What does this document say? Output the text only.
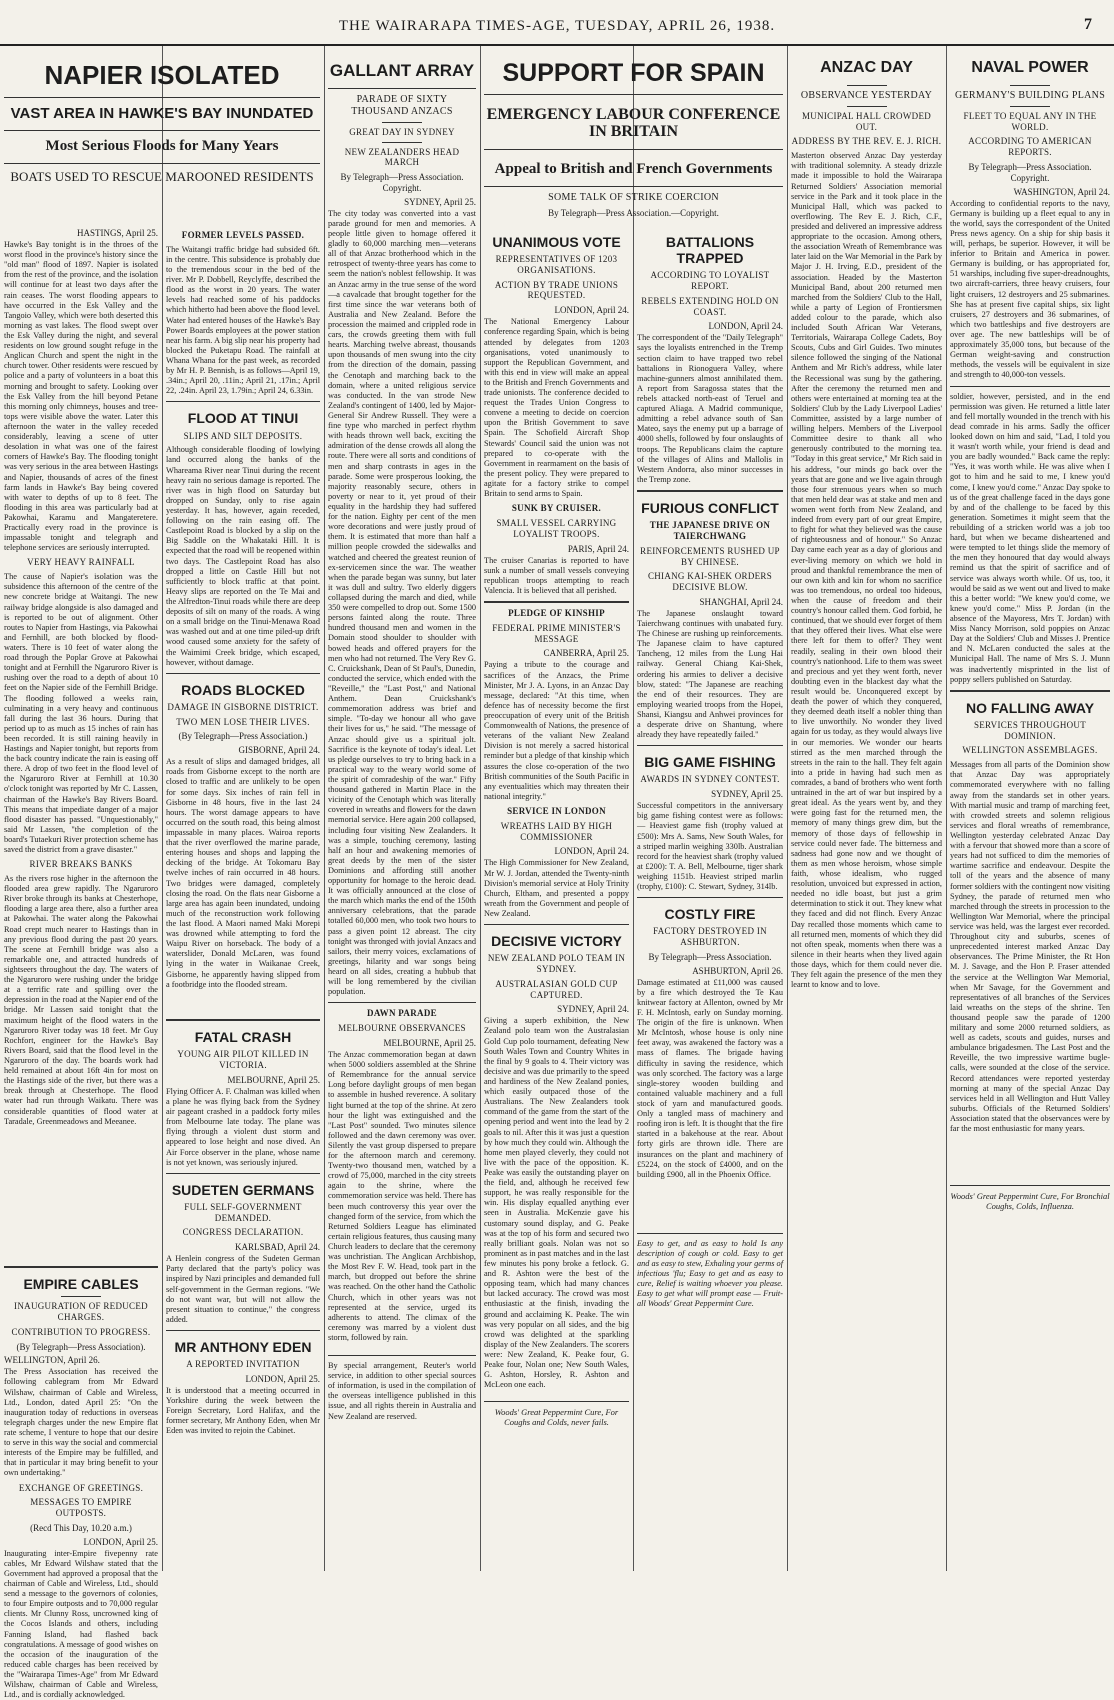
THE WAIRARAPA TIMES-AGE, TUESDAY, APRIL 26, 1938.	7
NAPIER ISOLATED
VAST AREA IN HAWKE'S BAY INUNDATED
Most Serious Floods for Many Years
BOATS USED TO RESCUE MAROONED RESIDENTS
HASTINGS, April 25.

Hawke's Bay tonight is in the throes of the worst flood in the province's history since the "old man" flood of 1897. Napier is isolated from the rest of the province, and the isolation will continue for at least two days after the rain ceases. The worst flooding appears to have occurred in the Esk Valley and the Tangoio Valley, which were both deserted this morning as vast lakes. The flood swept over the Esk Valley during the night, and several residents on low ground sought refuge in the Anglican Church and spent the night in the church tower. Other residents were rescued by police and a party of volunteers in a boat this morning and brought to safety. Looking over the Esk Valley from the hill beyond Petane this morning only chimneys, houses and tree-tops were visible above the water. Later this afternoon the water in the valley receded considerably, leaving a scene of utter desolation in what was one of the fairest corners of Hawke's Bay. The flooding tonight was very serious in the area between Hastings and Napier, thousands of acres of the finest farm lands in Hawke's Bay being covered with water to depths of up to 8 feet. The flooding in this area was particularly bad at Pakowhai, Karamu and Mangateretere. Practically every road in the province is impassable tonight and telegraph and telephone services are seriously interrupted.

VERY HEAVY RAINFALL

The cause of Napier's isolation was the subsidence this afternoon of the centre of the new concrete bridge at Waitangi. The new railway bridge alongside is also damaged and is reported to be out of alignment. Other routes to Napier from Hastings, via Pakowhai and Fernhill, are both blocked by flood-waters. There is 10 feet of water along the road through the Poplar Grove at Pakowhai tonight and at Fernhill the Ngaruroro River is rushing over the road to a depth of about 10 feet on the Napier side of the Fernhill Bridge. The flooding followed a weeks rain, culminating in a very heavy and continuous fall during the last 36 hours. During that period up to as much as 15 inches of rain has been recorded. It is still raining heavily in Hastings and Napier tonight, but reports from the back country indicate the rain is easing off there. A drop of two feet in the flood level of the Ngaruroro River at Fernhill at 10.30 o'clock tonight was reported by Mr C. Lassen, chairman of the Hawke's Bay Rivers Board. This means that impediate danger of a major flood disaster has passed. "Unquestionably," said Mr Lassen, "the completion of the board's Tutaekuri River protection scheme has saved the district from a grave disaster."

RIVER BREAKS BANKS

As the rivers rose higher in the afternoon the flooded area grew rapidly. The Ngaruroro River broke through its banks at Chesterhope, flooding a large area there, also a further area at Pakowhai. The water along the Pakowhai Road crept much nearer to Hastings than in any previous flood during the past 20 years. The scene at Fernhill bridge was also a remarkable one, and attracted hundreds of sightseers throughout the day. The waters of the Ngaruroro were rushing under the bridge at a terrific rate and spilling over the depression in the road at the Napier end of the bridge. Mr Lassen said tonight that the maximum height of the flood waters in the Ngaruroro River today was 18 feet. Mr Guy Rochfort, engineer for the Hawke's Bay Rivers Board, said that the flood level in the Ngaruroro of the day. The boards work had held remained at about 16ft 4in for most on the Hastings side of the river, but there was a break through at Chesterhope. The flood water had run through Waikatu. There was considerable quantities of flood water at Taradale, Greenmeadows and Meeanee.

EMPIRE CABLES
INAUGURATION OF REDUCED CHARGES.
CONTRIBUTION TO PROGRESS.
(By Telegraph—Press Association).
WELLINGTON, April 26.

The Press Association has received the following cablegram from Mr Edward Wilshaw, chairman of Cable and Wireless, Ltd., London, dated April 25: "On the inauguration today of reductions in overseas telegraph charges under the new Empire flat rate scheme, I venture to hope that our desire to serve in this way the social and commercial interests of the Empire may be fulfilled, and that in particular it may bring benefit to your own undertaking."

EXCHANGE OF GREETINGS.
MESSAGES TO EMPIRE OUTPOSTS.
(Recd This Day, 10.20 a.m.)
LONDON, April 25.

Inaugurating inter-Empire fivepenny rate cables, Mr Edward Wilshaw stated that the Government had approved a proposal that the chairman of Cable and Wireless, Ltd., should send a message to the governors of colonies, to four Empire outposts and to 70,000 regular clients. Mr Clunny Ross, uncrowned king of the Cocos Islands and others, including Fanning Island, had flashed back congratulations. A message of good wishes on the occasion of the inauguration of the reduced cable charges has been received by the "Wairarapa Times-Age" from Mr Edward Wilshaw, chairman of Cable and Wireless, Ltd., and is cordially acknowledged.

FORMER LEVELS PASSED.

The Waitangi traffic bridge had subsided 6ft. in the centre. This subsidence is probably due to the tremendous scour in the bed of the river. Mr P. Dobbell, Reyclyffe, described the flood as the worst in 20 years. The water levels had reached some of his paddocks which hitherto had been above the flood level. Water had entered houses of the Hawke's Bay Power Boards employees at the power station near his farm. A big slip near his property had blocked the Puketapu Road. The rainfall at Whana Whana for the past week, as recorded by Mr H. P. Bennish, is as follows—April 19, .34in.; April 20, .11in.; April 21, .17in.; April 22, .24in. April 23, 1.79in.; April 24, 6.33in.

FLOOD AT TINUI
SLIPS AND SILT DEPOSITS.

Although considerable flooding of lowlying land occurred along the banks of the Whareama River near Tinui during the recent heavy rain no serious damage is reported. The river was in high flood on Saturday but dropped on Sunday, only to rise again yesterday. It has, however, again receded, following on the rain easing off. The Castlepoint Road is blocked by a slip on the Big Saddle on the Whakataki Hill. It is expected that the road will be reopened within two days. The Castlepoint Road has also dropped a little on Castle Hill but not sufficiently to block traffic at that point. Heavy slips are reported on the Te Mai and the Alfredton-Tinui roads while there are deep deposits of silt on many of the roads. A wing on a small bridge on the Tinui-Menawa Road was washed out and at one time piled-up drift wood caused some anxiety for the safety of the Waimimi Creek bridge, which escaped, however, without damage.

ROADS BLOCKED
DAMAGE IN GISBORNE DISTRICT.
TWO MEN LOSE THEIR LIVES.
(By Telegraph—Press Association.)
GISBORNE, April 24.

As a result of slips and damaged bridges, all roads from Gisborne except to the north are closed to traffic and are unlikely to be open for some days. Six inches of rain fell in Gisborne in 48 hours, five in the last 24 hours. The worst damage appears to have occurred on the south road, this being almost impassable in many places. Wairoa reports that the river overflowed the marine parade, entering houses and shops and lapping the decking of the bridge. At Tokomaru Bay twelve inches of rain occurred in 48 hours. Two bridges were damaged, completely closing the road. On the flats near Gisborne a large area has again been inundated, undoing much of the reconstruction work following the last flood. A Maori named Maki Morepi was drowned while attempting to ford the Waipu River on horseback. The body of a waterslider, Donald McLaren, was found lying in the water in Waikanae Creek, Gisborne, he apparently having slipped from a footbridge into the flooded stream.

FATAL CRASH
YOUNG AIR PILOT KILLED IN VICTORIA.
MELBOURNE, April 25.

Flying Officer A. F. Chalman was killed when a plane he was flying back from the Sydney air pageant crashed in a paddock forty miles from Melbourne late today. The plane was flying through a violent dust storm and appeared to lose height and nose dived. An Air Force observer in the plane, whose name is not yet known, was seriously injured.

SUDETEN GERMANS
FULL SELF-GOVERNMENT DEMANDED.
CONGRESS DECLARATION.
KARLSBAD, April 24.

A Henlein congress of the Sudeten German Party declared that the party's policy was inspired by Nazi principles and demanded full self-government in the German regions. "We do not want war, but will not allow the present situation to continue," the congress added.

MR ANTHONY EDEN
A REPORTED INVITATION
LONDON, April 25.

It is understood that a meeting occurred in Yorkshire during the week between the Foreign Secretary, Lord Halifax, and the former secretary, Mr Anthony Eden, when Mr Eden was invited to rejoin the Cabinet.

GALLANT ARRAY
PARADE OF SIXTY THOUSAND ANZACS
GREAT DAY IN SYDNEY
NEW ZEALANDERS HEAD MARCH
By Telegraph—Press Association. Copyright.
SYDNEY, April 25.

The city today was converted into a vast parade ground for men and memories. A people little given to homage offered it gladly to 60,000 marching men—veterans all of that Anzac brotherhood which in the retrospect of twenty-three years has come to seem the nation's noblest fellowship. It was an Anzac army in the true sense of the word—a cavalcade that brought together for the first time since the war veterans both of Australia and New Zealand. Before the procession the maimed and crippled rode in cars, the crowds greeting them with full hearts. Marching twelve abreast, thousands upon thousands of men swung into the city from the direction of the domain, passing the Cenotaph and marching back to the domain, where a united religious service was conducted. In the van strode New Zealand's contingent of 1400, led by Major-General Sir Andrew Russell. They were a fine type who marched in perfect rhythm with heads thrown well back, exciting the admiration of the dense crowds all along the route. There were all sorts and conditions of men and sharp contrasts in ages in the parade. Some were prosperous looking, the majority reasonably secure, others in poverty or near to it, yet proud of their equality in the hardship they had suffered for the nation. Eighty per cent of the men wore decorations and were justly proud of them. It is estimated that more than half a million people crowded the sidewalks and watched and cheered the greatest reunion of ex-servicemen since the war. The weather when the parade began was sunny, but later it was dull and sultry. Two elderly diggers collapsed during the march and died, while 350 were compelled to drop out. Some 1500 persons fainted along the route. Three hundred thousand men and women in the Domain stood shoulder to shoulder with bowed heads and offered prayers for the men who had not returned. The Very Rev G. C. Cruickshank, Dean of St Paul's, Dunedin, conducted the service, which ended with the "Reveille," the "Last Post," and National Anthem. Dean Cruickshank's commemoration address was brief and simple. "To-day we honour all who gave their lives for us," he said. "The message of Anzac should give us a spiritual jolt. Sacrifice is the keynote of today's ideal. Let us pledge ourselves to try to bring back in a practical way to the weary world some of the spirit of comradeship of the war." Fifty thousand gathered in Martin Place in the vicinity of the Cenotaph which was literally covered in wreaths and flowers for the dawn memorial service. Here again 200 collapsed, including four visiting New Zealanders. It was a simple, touching ceremony, lasting half an hour and awakening memories of great deeds by the men of the sister Dominions and affording still another opportunity for homage to the heroic dead. It was officially announced at the close of the march which marks the end of the 150th anniversary celebrations, that the parade totalled 60,000 men, who took two hours to pass a given point 12 abreast. The city tonight was thronged with jovial Anzacs and sailors, their merry voices, exclamations of greetings, hilarity and war songs being heard on all sides, creating a hubbub that will be long remembered by the civilian population.

DAWN PARADE
MELBOURNE OBSERVANCES
MELBOURNE, April 25.

The Anzac commemoration began at dawn when 5000 soldiers assembled at the Shrine of Remembrance for the annual service Long before daylight groups of men began to assemble in hushed reverence. A solitary light burned at the top of the shrine. At zero hour the light was extinguished and the "Last Post" sounded. Two minutes silence followed and the dawn ceremony was over. Silently the vast group dispersed to prepare for the afternoon march and ceremony. Twenty-two thousand men, watched by a crowd of 75,000, marched in the city streets again to the shrine, where the commemoration service was held. There has been much controversy this year over the changed form of the service, from which the Returned Soldiers League has eliminated certain religious features, thus causing many Church leaders to declare that the ceremony was unchristian. The Anglican Archbishop, the Most Rev F. W. Head, took part in the march, but dropped out before the shrine was reached. On the other hand the Catholic Church, which in other years was not represented at the service, urged its adherents to attend. The climax of the ceremony was marred by a violent dust storm, followed by rain.

By special arrangement, Reuter's world service, in addition to other special sources of information, is used in the compilation of the overseas intelligence published in this issue, and all rights therein in Australia and New Zealand are reserved.

SUPPORT FOR SPAIN
EMERGENCY LABOUR CONFERENCE IN BRITAIN
Appeal to British and French Governments
SOME TALK OF STRIKE COERCION
By Telegraph—Press Association.—Copyright.
UNANIMOUS VOTE
REPRESENTATIVES OF 1203 ORGANISATIONS.
ACTION BY TRADE UNIONS REQUESTED.
LONDON, April 24.

The National Emergency Labour conference regarding Spain, which is being attended by delegates from 1203 organisations, voted unanimously to support the Republican Government, and with this end in view will make an appeal to the British and French Governments and trade unionists. The conference decided to request the Trades Union Congress to convene a meeting to decide on coercion upon the British Government to save Spain. The Schofield Aircraft Shop Stewards' Council said the union was not prepared to co-operate with the Government in rearmament on the basis of the present policy. They were prepared to agitate for a factory strike to compel Britain to send arms to Spain.

SUNK BY CRUISER.
SMALL VESSEL CARRYING LOYALIST TROOPS.
PARIS, April 24.

The cruiser Canarias is reported to have sunk a number of small vessels conveying republican troops attempting to reach Valencia. It is believed that all perished.

PLEDGE OF KINSHIP
FEDERAL PRIME MINISTER'S MESSAGE
CANBERRA, April 25.

Paying a tribute to the courage and sacrifices of the Anzacs, the Prime Minister, Mr J. A. Lyons, in an Anzac Day message, declared: "At this time, when defence has of necessity become the first preoccupation of every unit of the British Commonwealth of Nations, the presence of veterans of the valiant New Zealand Division is not merely a sacred historical reminder but a pledge of that kinship which assures the close co-operation of the two British communities of the South Pacific in any eventualities which may threaten their national integrity."

SERVICE IN LONDON
WREATHS LAID BY HIGH COMMISSIONER
LONDON, April 24.

The High Commissioner for New Zealand, Mr W. J. Jordan, attended the Twenty-ninth Division's memorial service at Holy Trinity Church, Eltham, and presented a poppy wreath from the Government and people of New Zealand.

DECISIVE VICTORY
NEW ZEALAND POLO TEAM IN SYDNEY.
AUSTRALASIAN GOLD CUP CAPTURED.
SYDNEY, April 24.

Giving a superb exhibition, the New Zealand polo team won the Australasian Gold Cup polo tournament, defeating New South Wales Town and Country Whites in the final by 9 goals to 4. Their victory was decisive and was due primarily to the speed and hardiness of the New Zealand ponies, which easily outpaced those of the Australians. The New Zealanders took command of the game from the start of the opening period and went into the lead by 2 goals to nil. After this it was just a question by how much they could win. Although the home men played cleverly, they could not live with the pace of the opposition. K. Peake was easily the outstanding player on the field, and, although he received few support, he was really responsible for the win. His display equalled anything ever seen in Australia. McKenzie gave his customary sound display, and G. Peake was at the top of his form and secured two really brilliant goals. Nolan was not so prominent as in past matches and in the last few minutes his pony broke a fetlock. G. and R. Ashton were the best of the opposing team, which had many chances but lacked accuracy. The crowd was most enthusiastic at the finish, invading the ground and acclaiming K. Peake. The win was very popular on all sides, and the big crowd was delighted at the sparkling display of the New Zealanders. The scorers were: New Zealand, K. Peake four, G. Peake four, Nolan one; New South Wales, G. Ashton, Horsley, R. Ashton and McLeon one each.

Woods' Great Peppermint Cure, For Coughs and Colds, never fails.
BATTALIONS TRAPPED
ACCORDING TO LOYALIST REPORT.
REBELS EXTENDING HOLD ON COAST.
LONDON, April 24.

The correspondent of the "Daily Telegraph" says the loyalists entrenched in the Tremp section claim to have trapped two rebel battalions in Rionoguera Valley, where machine-gunners almost annihilated them. A report from Saragossa states that the rebels attacked north-east of Teruel and captured Aliaga. A Madrid communique, admitting a rebel advance south of San Mateo, says the enemy put up a barrage of 4000 shells, followed by four onslaughts of troops. The Republicans claim the capture of the villages of Alins and Mallolis in Western Andorra, also minor successes in the Tremp zone.

FURIOUS CONFLICT
THE JAPANESE DRIVE ON TAIERCHWANG
REINFORCEMENTS RUSHED UP BY CHINESE.
CHIANG KAI-SHEK ORDERS DECISIVE BLOW.
SHANGHAI, April 24.

The Japanese onslaught toward Taierchwang continues with unabated fury. The Chinese are rushing up reinforcements. The Japanese claim to have captured Tancheng, 12 miles from the Lung Hai railway. General Chiang Kai-Shek, ordering his armies to deliver a decisive blow, stated: "The Japanese are reaching the end of their resources. They are employing wearied troops from the Hopei, Shansi, Kiangsu and Anhwei provinces for a desperate drive on Shantung, where already they have repeatedly failed."

BIG GAME FISHING
AWARDS IN SYDNEY CONTEST.
SYDNEY, April 25.

Successful competitors in the anniversary big game fishing contest were as follows:— Heaviest game fish (trophy valued at £500): Mrs A. Sams, New South Wales, for a striped marlin weighing 330lb. Australian record for the heaviest shark (trophy valued at £200): T. A. Bell, Melbourne, tiger shark weighing 1151b. Heaviest striped marlin (trophy, £100): C. Stewart, Sydney, 314lb.

COSTLY FIRE
FACTORY DESTROYED IN ASHBURTON.
By Telegraph—Press Association.
ASHBURTON, April 26.

Damage estimated at £11,000 was caused by a fire which destroyed the Te Kau knitwear factory at Allenton, owned by Mr F. H. McIntosh, early on Sunday morning. The origin of the fire is unknown. When Mr McIntosh, whose house is only nine feet away, was awakened the factory was a mass of flames. The brigade having difficulty in saving the residence, which was only scorched. The factory was a large single-storey wooden building and contained valuable machinery and a full stock of yarn and manufactured goods. Only a tangled mass of machinery and roofing iron is left. It is thought that the fire started in a bakehouse at the rear. About forty girls are thrown idle. There are insurances on the plant and machinery of £5224, on the stock of £4000, and on the building £900, all in the Phoenix Office.

Easy to get, and as easy to hold Is any description of cough or cold. Easy to get and as easy to stew, Exhaling your germs of infectious 'flu; Easy to get and as easy to cure, Relief is waiting whoever you please. Easy to get what will prompt ease — Fruit-all Woods' Great Peppermint Cure.

ANZAC DAY
OBSERVANCE YESTERDAY
MUNICIPAL HALL CROWDED OUT.
ADDRESS BY THE REV. E. J. RICH.

Masterton observed Anzac Day yesterday with traditional solemnity. A steady drizzle made it impossible to hold the Wairarapa Returned Soldiers' Association memorial service in the Park and it took place in the Municipal Hall, which was packed to overflowing. The Rev E. J. Rich, C.F., presided and delivered an impressive address appropriate to the occasion. Among others, the association Wreath of Remembrance was later laid on the War Memorial in the Park by Major J. H. Irving, E.D., president of the association. Headed by the Masterton Municipal Band, about 200 returned men marched from the Soldiers' Club to the Hall, while a party of Legion of Frontiersmen added colour to the parade, which also included South African War Veterans, Territorials, Wairarapa College Cadets, Boy Scouts, Cubs and Girl Guides. Two minutes silence followed the singing of the National Anthem and Mr Rich's address, while later the Recessional was sung by the gathering. After the ceremony the returned men and others were entertained at morning tea at the Soldiers' Club by the Lady Liverpool Ladies' Committee, assisted by a large number of willing helpers. Members of the Liverpool Committee desire to thank all who generously contributed to the morning tea. "Today in this great service," Mr Rich said in his address, "our minds go back over the years that are gone and we live again through those four strenuous years when so much that men held dear was at stake and men and women went forth from New Zealand, and indeed from every part of our great Empire, to fight for what they believed was the cause of righteousness and of honour." So Anzac Day came each year as a day of glorious and ever-living memory on which we hold in proud and thankful remembrance the men of our own kith and kin for whom no sacrifice was too tremendous, no ordeal too hideous, when the cause of freedom and their country's honour called them. God forbid, he continued, that we should ever forget of them that they offered their lives. What else were there left for them to offer? They went readily, sealing in their own blood their country's nationhood. Life to them was sweet and precious and yet they went forth, never doubting even in the blackest day what the result would be. Unconquered except by death the power of which they conquered, they deemed death itself a nobler thing than to live unworthily. No wonder they lived again for us today, as they would always live in our memories. We wonder our hearts stirred as the men marched through the streets in the rain to the hall. They felt again into a pride in having had such men as comrades, a band of brothers who went forth untrained in the art of war but inspired by a great ideal. As the years went by, and they were going fast for the returned men, the memory of many things grew dim, but the memory of those days of fellowship in service could never fade. The bitterness and sadness had gone now and we thought of them as men whose heroism, whose simple faith, whose idealism, who rugged resolution, unvoiced but expressed in action, needed no idle boast, but just a grim determination to stick it out. They knew what they faced and did not flinch. Every Anzac Day recalled those moments which came to all returned men, moments of which they did not often speak, moments when there was a silence in their hearts when they lived again those days, which for them could never die. They felt again the presence of the men they learnt to know and to love.

NAVAL POWER
GERMANY'S BUILDING PLANS
FLEET TO EQUAL ANY IN THE WORLD.
ACCORDING TO AMERICAN REPORTS.
By Telegraph—Press Association. Copyright.
WASHINGTON, April 24.

According to confidential reports to the navy, Germany is building up a fleet equal to any in the world, says the correspondent of the United Press news agency. On a ship for ship basis it will, perhaps, be superior. However, it will be inferior to Britain and America in power. Germany is building, or has appropriated for, 51 warships, including five super-dreadnoughts, two aircraft-carriers, three heavy cruisers, four light cruisers, 12 destroyers and 25 submarines. She has at present five capital ships, six light cruisers, 27 destroyers and 36 submarines, of which two battleships and five destroyers are over age. The new battleships will be of approximately 35,000 tons, but because of the German weight-saving and construction methods, the vessels will be equivalent in size and strength to 40,000-ton vessels.

soldier, however, persisted, and in the end permission was given. He returned a little later and fell mortally wounded in the trench with his dead comrade in his arms. Sadly the officer looked down on him and said, "Lad, I told you it wasn't worth while, your friend is dead and you are badly wounded." Back came the reply: "Yes, it was worth while. He was alive when I got to him and he said to me, I knew you'd come, I knew you'd come." Anzac Day spoke to us of the great challenge faced in the days gone by and of the challenge to be faced by this generation. Sometimes it might seem that the rebuilding of a stricken world was a job too hard, but when we became disheartened and were tempted to let things slide the memory of the men they honoured that day would always remind us that the spirit of sacrifice and of service was always worth while. Of us, too, it would be said as we went out and lived to make this a better world: "We knew you'd come, we knew you'd come." Miss P. Jordan (in the absence of the Mayoress, Mrs T. Jordan) with Miss Nancy Morrison, sold poppies on Anzac Day at the Soldiers' Club and Misses J. Prentice and N. McLaren conducted the sales at the Municipal Hall. The name of Mrs S. J. Munn was inadvertently misprinted in the list of poppy sellers published on Saturday.

NO FALLING AWAY
SERVICES THROUGHOUT DOMINION.
WELLINGTON ASSEMBLAGES.

Messages from all parts of the Dominion show that Anzac Day was appropriately commemorated everywhere with no falling away from the standards set in other years. With martial music and tramp of marching feet, with crowded streets and solemn religious services and floral wreaths of remembrance, Wellington yesterday celebrated Anzac Day with a fervour that showed more than a score of years had not sufficed to dim the memories of wartime sacrifice and endeavour. Despite the toll of the years and the absence of many former soldiers with the contingent now visiting Sydney, the parade of returned men who marched through the streets in procession to the Wellington War Memorial, where the principal service was held, was the largest ever recorded. Throughout city and suburbs, scenes of unprecedented interest marked Anzac Day observances. The Prime Minister, the Rt Hon M. J. Savage, and the Hon P. Fraser attended the service at the Wellington War Memorial, when Mr Savage, for the Government and representatives of all branches of the Services laid wreaths on the steps of the shrine. Ten thousand people saw the parade of 1200 military and some 2000 returned soldiers, as well as cadets, scouts and guides, nurses and ambulance brigadesmen. The Last Post and the Reveille, the two impressive wartime bugle-calls, were sounded at the close of the service. Record attendances were reported yesterday morning at many of the special Anzac Day services held in all Wellington and Hutt Valley suburbs. Officials of the Returned Soldiers' Association stated that the observances were by far the most enthusiastic for many years.

Woods' Great Peppermint Cure, For Bronchial Coughs, Colds, Influenza.
